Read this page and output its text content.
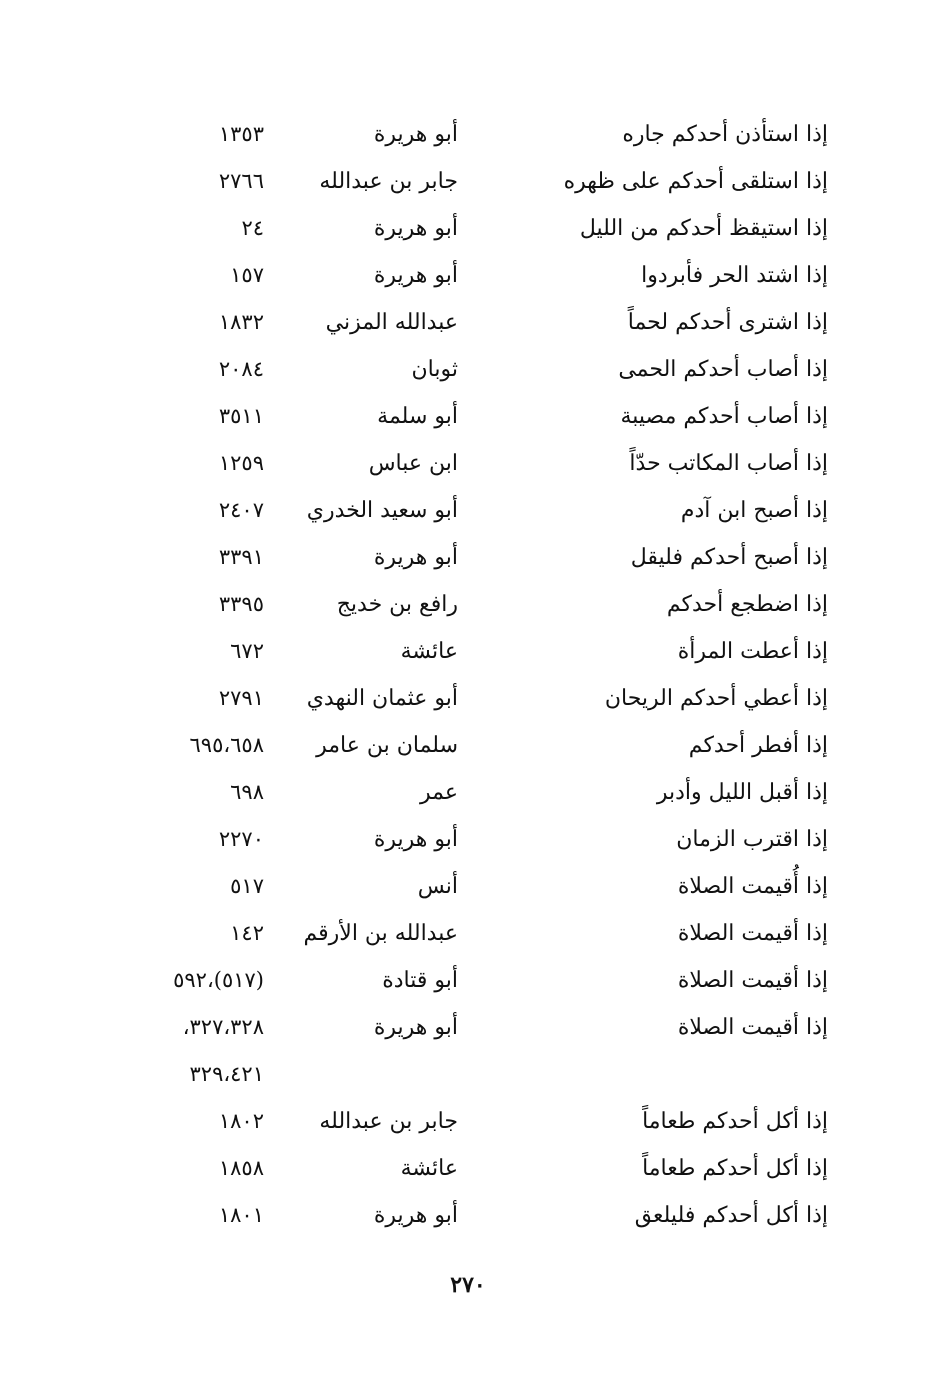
إذا استأذن أحدكم جاره
أبو هريرة
١٣٥٣
إذا استلقى أحدكم على ظهره
جابر بن عبدالله
٢٧٦٦
إذا استيقظ أحدكم من الليل
أبو هريرة
٢٤
إذا اشتد الحر فأبردوا
أبو هريرة
١٥٧
إذا اشترى أحدكم لحماً
عبدالله المزني
١٨٣٢
إذا أصاب أحدكم الحمى
ثوبان
٢٠٨٤
إذا أصاب أحدكم مصيبة
أبو سلمة
٣٥١١
إذا أصاب المكاتب حدّاً
ابن عباس
١٢٥٩
إذا أصبح ابن آدم
أبو سعيد الخدري
٢٤٠٧
إذا أصبح أحدكم فليقل
أبو هريرة
٣٣٩١
إذا اضطجع أحدكم
رافع بن خديج
٣٣٩٥
إذا أعطت المرأة
عائشة
٦٧٢
إذا أعطي أحدكم الريحان
أبو عثمان النهدي
٢٧٩١
إذا أفطر أحدكم
سلمان بن عامر
٦٩٥،٦٥٨
إذا أقبل الليل وأدبر
عمر
٦٩٨
إذا اقترب الزمان
أبو هريرة
٢٢٧٠
إذا أُقيمت الصلاة
أنس
٥١٧
إذا أقيمت الصلاة
عبدالله بن الأرقم
١٤٢
إذا أقيمت الصلاة
أبو قتادة
(٥١٧)،٥٩٢
إذا أقيمت الصلاة
أبو هريرة
٣٢٧،٣٢٨،
٣٢٩،٤٢١
إذا أكل أحدكم طعاماً
جابر بن عبدالله
١٨٠٢
إذا أكل أحدكم طعاماً
عائشة
١٨٥٨
إذا أكل أحدكم فليلعق
أبو هريرة
١٨٠١
٢٧٠
